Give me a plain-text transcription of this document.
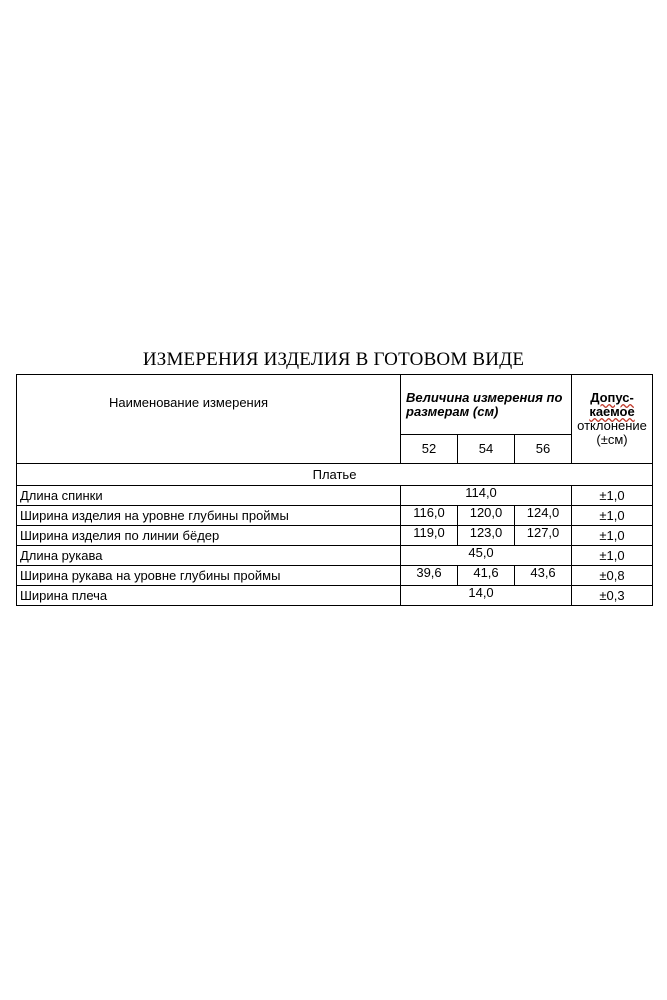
ИЗМЕРЕНИЯ ИЗДЕЛИЯ В ГОТОВОМ ВИДЕ
Наименование измерения	Величина измерения по размерам (см)			Допус-
каемое
отклонение
(±см)

	52	54	56	
Платье				
Длина спинки	114,0			±1,0
Ширина изделия на уровне глубины проймы	116,0	120,0	124,0	±1,0
Ширина изделия по линии бёдер	119,0	123,0	127,0	±1,0
Длина рукава	45,0			±1,0
Ширина рукава на уровне глубины проймы	39,6	41,6	43,6	±0,8
Ширина плеча	14,0			±0,3
